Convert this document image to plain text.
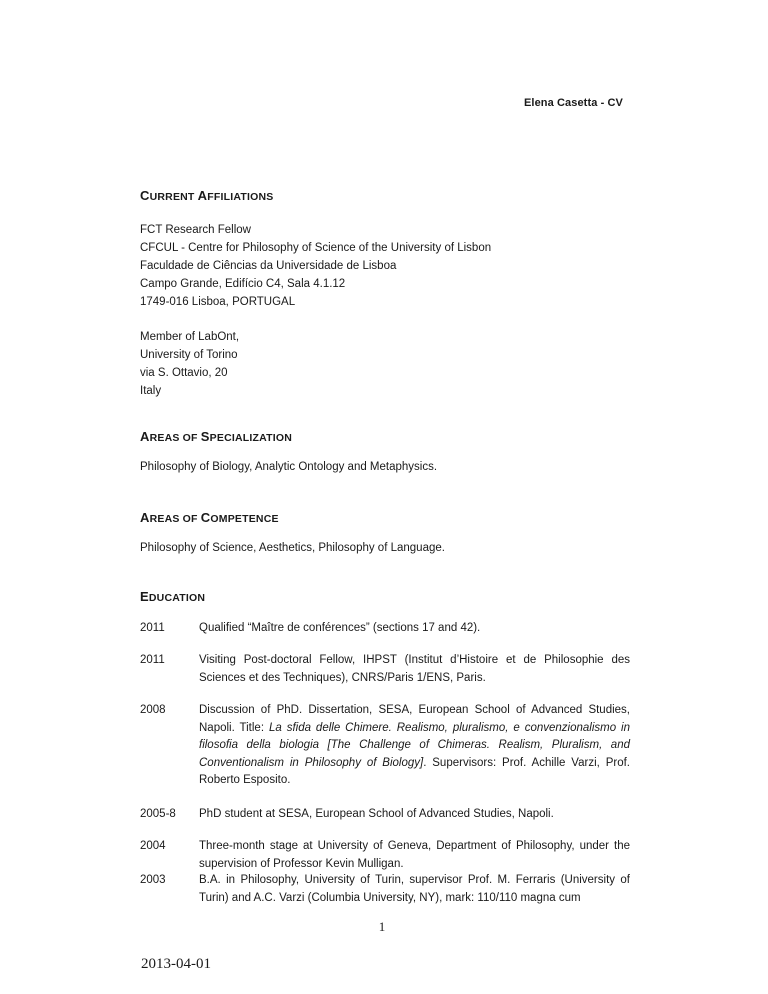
Elena Casetta - CV
CURRENT AFFILIATIONS
FCT Research Fellow
CFCUL - Centre for Philosophy of Science of the University of Lisbon
Faculdade de Ciências da Universidade de Lisboa
Campo Grande, Edifício C4, Sala 4.1.12
1749-016 Lisboa, PORTUGAL
Member of LabOnt,
University of Torino
via S. Ottavio, 20
Italy
AREAS OF SPECIALIZATION
Philosophy of Biology, Analytic Ontology and Metaphysics.
AREAS OF COMPETENCE
Philosophy of Science, Aesthetics, Philosophy of Language.
EDUCATION
2011	Qualified “Maître de conférences” (sections 17 and 42).
2011	Visiting Post-doctoral Fellow, IHPST (Institut d’Histoire et de Philosophie des Sciences et des Techniques), CNRS/Paris 1/ENS, Paris.
2008	Discussion of PhD. Dissertation, SESA, European School of Advanced Studies, Napoli. Title: La sfida delle Chimere. Realismo, pluralismo, e convenzionalismo in filosofia della biologia [The Challenge of Chimeras. Realism, Pluralism, and Conventionalism in Philosophy of Biology]. Supervisors: Prof. Achille Varzi, Prof. Roberto Esposito.
2005-8	PhD student at SESA, European School of Advanced Studies, Napoli.
2004	Three-month stage at University of Geneva, Department of Philosophy, under the supervision of Professor Kevin Mulligan.
2003	B.A. in Philosophy, University of Turin, supervisor Prof. M. Ferraris (University of Turin) and A.C. Varzi (Columbia University, NY), mark: 110/110 magna cum
1
2013-04-01
